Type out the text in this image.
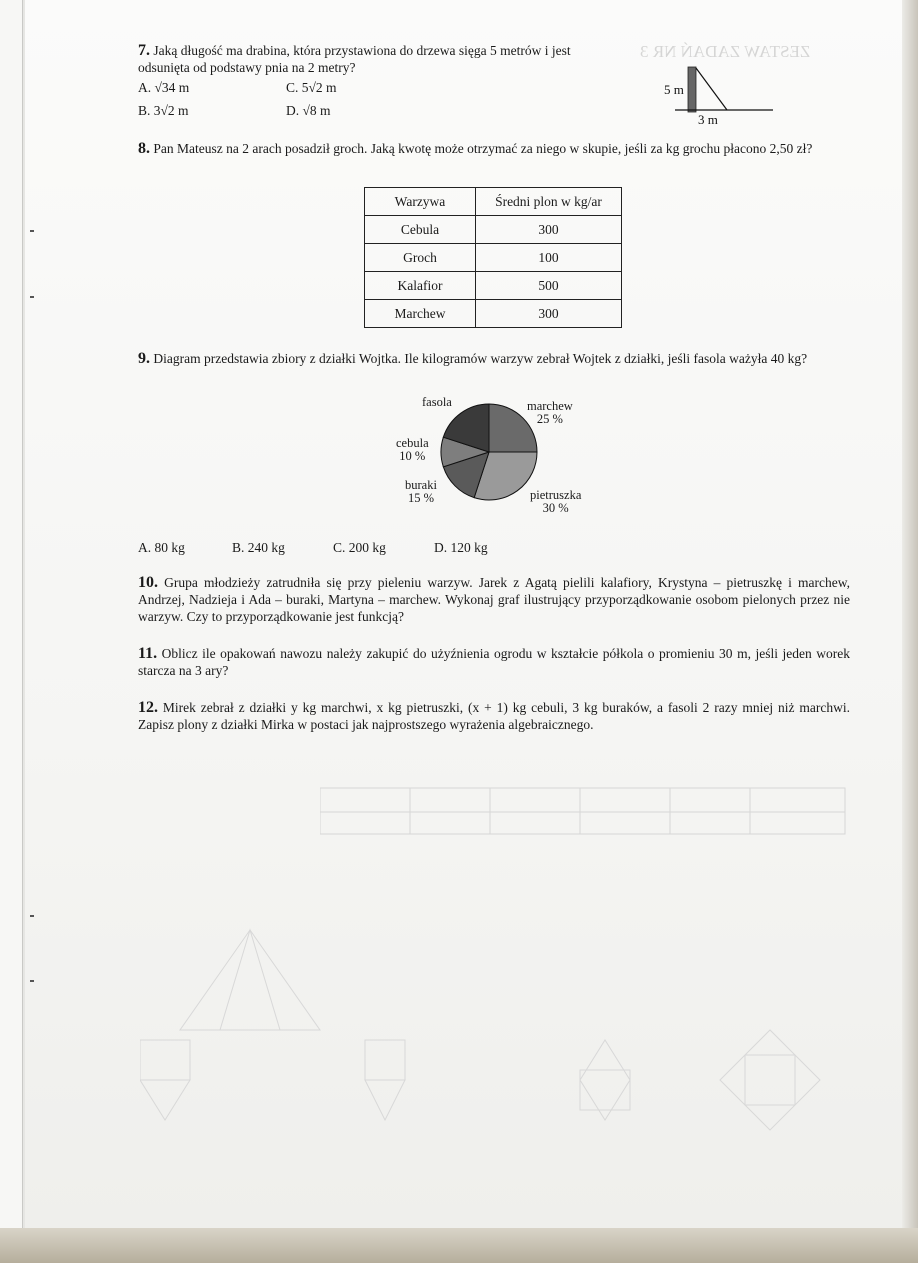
ZESTAW ZADAŃ NR 3
7. Jaką długość ma drabina, która przystawiona do drzewa sięga 5 metrów i jest odsunięta od podstawy pnia na 2 metry?
A. √34 m	C. 5√2 m
B. 3√2 m	D. √8 m
5 m
3 m
8. Pan Mateusz na 2 arach posadził groch. Jaką kwotę może otrzymać za niego w skupie, jeśli za kg grochu płacono 2,50 zł?
Warzywa	Średni plon w kg/ar
Cebula	300
Groch	100
Kalafior	500
Marchew	300
9. Diagram przedstawia zbiory z działki Wojtka. Ile kilogramów warzyw zebrał Wojtek z działki, jeśli fasola ważyła 40 kg?
fasola	marchew
25 %
cebula
10 %
buraki
15 %	pietruszka
30 %
A. 80 kg	B. 240 kg	C. 200 kg	D. 120 kg
10. Grupa młodzieży zatrudniła się przy pieleniu warzyw. Jarek z Agatą pielili kalafiory, Krystyna – pietruszkę i marchew, Andrzej, Nadzieja i Ada – buraki, Martyna – marchew. Wykonaj graf ilustrujący przyporządkowanie osobom pielonych przez nie warzyw. Czy to przyporządkowanie jest funkcją?
11. Oblicz ile opakowań nawozu należy zakupić do użyźnienia ogrodu w kształcie półkola o promieniu 30 m, jeśli jeden worek starcza na 3 ary?
12. Mirek zebrał z działki y kg marchwi, x kg pietruszki, (x + 1) kg cebuli, 3 kg buraków, a fasoli 2 razy mniej niż marchwi. Zapisz plony z działki Mirka w postaci jak najprostszego wyrażenia algebraicznego.
